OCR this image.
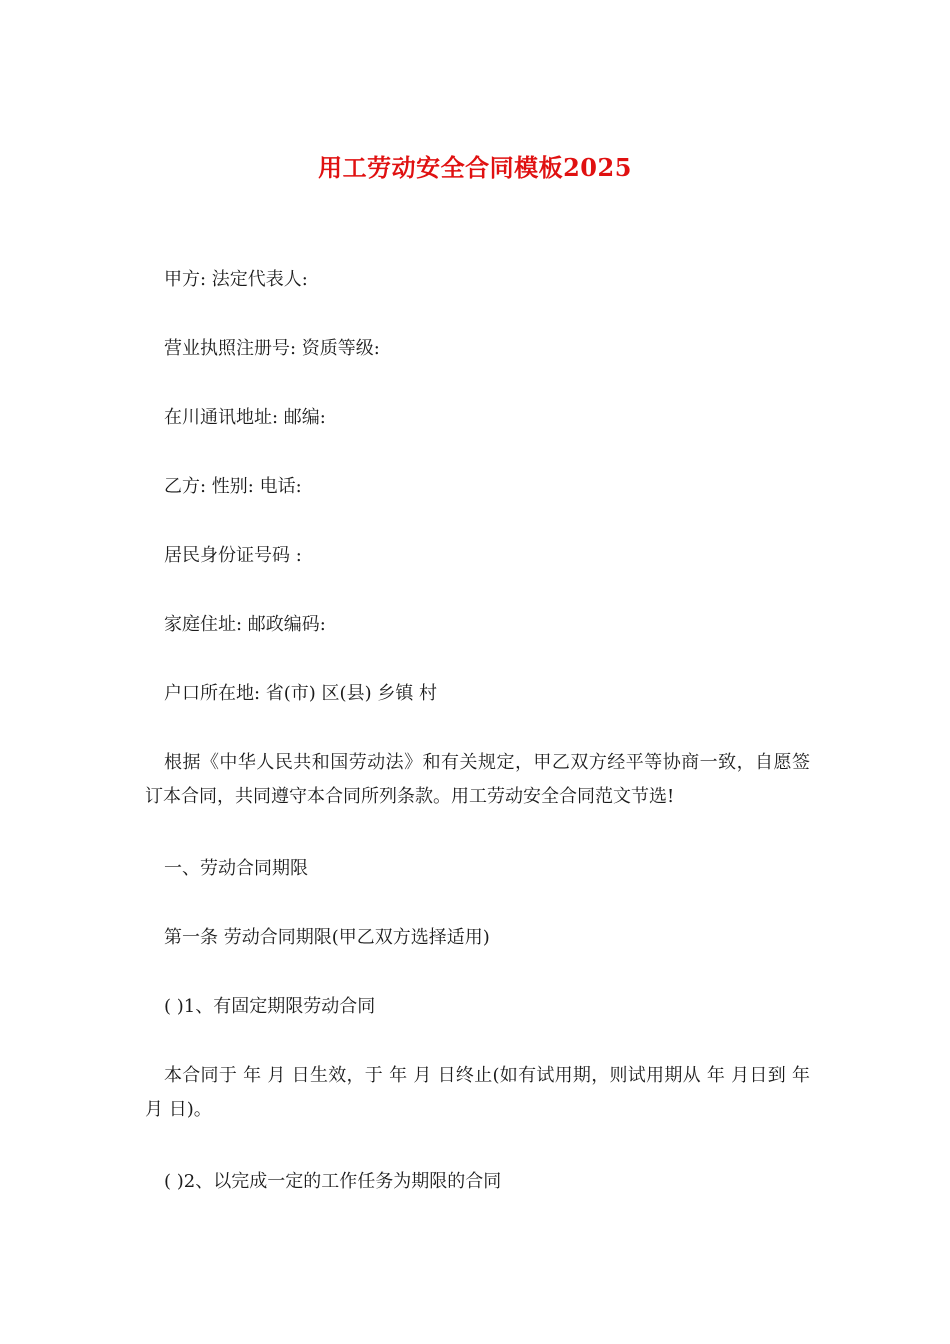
用工劳动安全合同模板2025

甲方: 法定代表人:

营业执照注册号: 资质等级:

在川通讯地址: 邮编:

乙方: 性别: 电话:

居民身份证号码 :

家庭住址: 邮政编码:

户口所在地: 省(市) 区(县) 乡镇 村

根据《中华人民共和国劳动法》和有关规定，甲乙双方经平等协商一致，自愿签订本合同，共同遵守本合同所列条款。用工劳动安全合同范文节选!

一、劳动合同期限

第一条 劳动合同期限(甲乙双方选择适用)

( )1、有固定期限劳动合同

本合同于 年 月 日生效，于 年 月 日终止(如有试用期，则试用期从 年 月日到 年 月 日)。

( )2、以完成一定的工作任务为期限的合同
